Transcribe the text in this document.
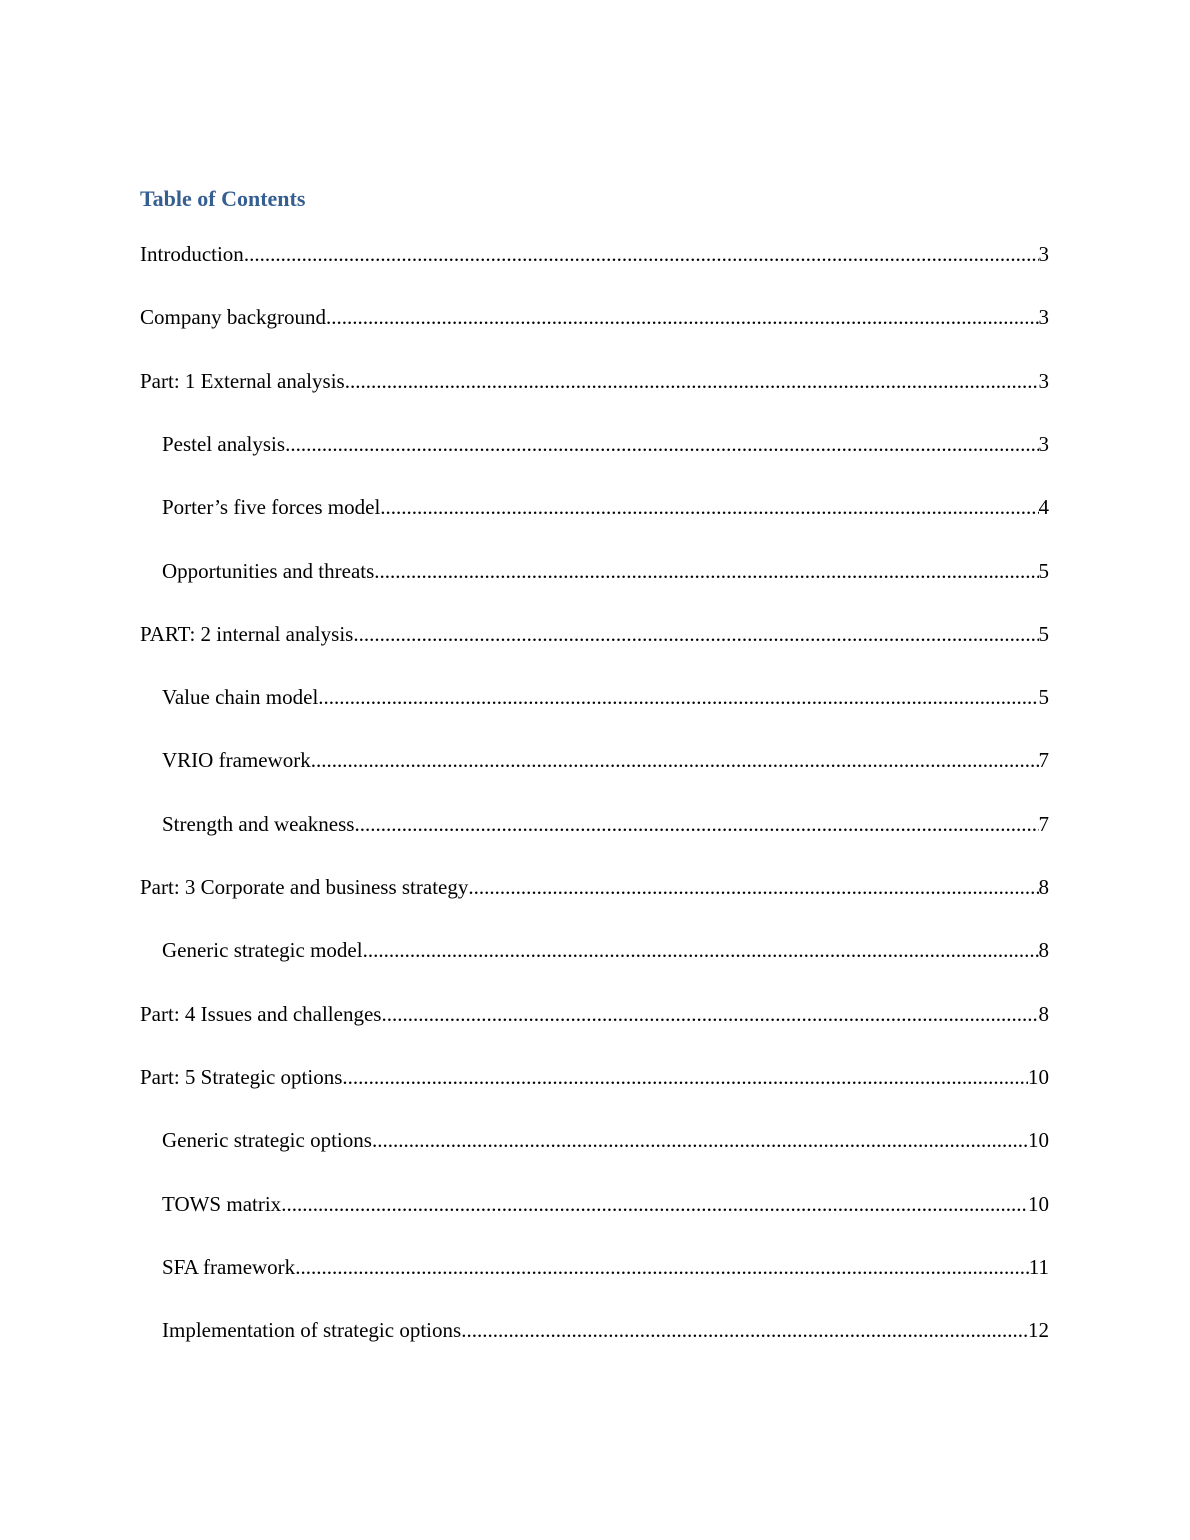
Table of Contents
Introduction .....	3
Company background .....	3
Part: 1 External analysis .....	3
Pestel analysis .....	3
Porter’s five forces model .....	4
Opportunities and threats .....	5
PART: 2 internal analysis .....	5
Value chain model .....	5
VRIO framework .....	7
Strength and weakness .....	7
Part: 3 Corporate and business strategy .....	8
Generic strategic model .....	8
Part: 4 Issues and challenges .....	8
Part: 5 Strategic options .....	10
Generic strategic options .....	10
TOWS matrix .....	10
SFA framework .....	11
Implementation of strategic options .....	12
